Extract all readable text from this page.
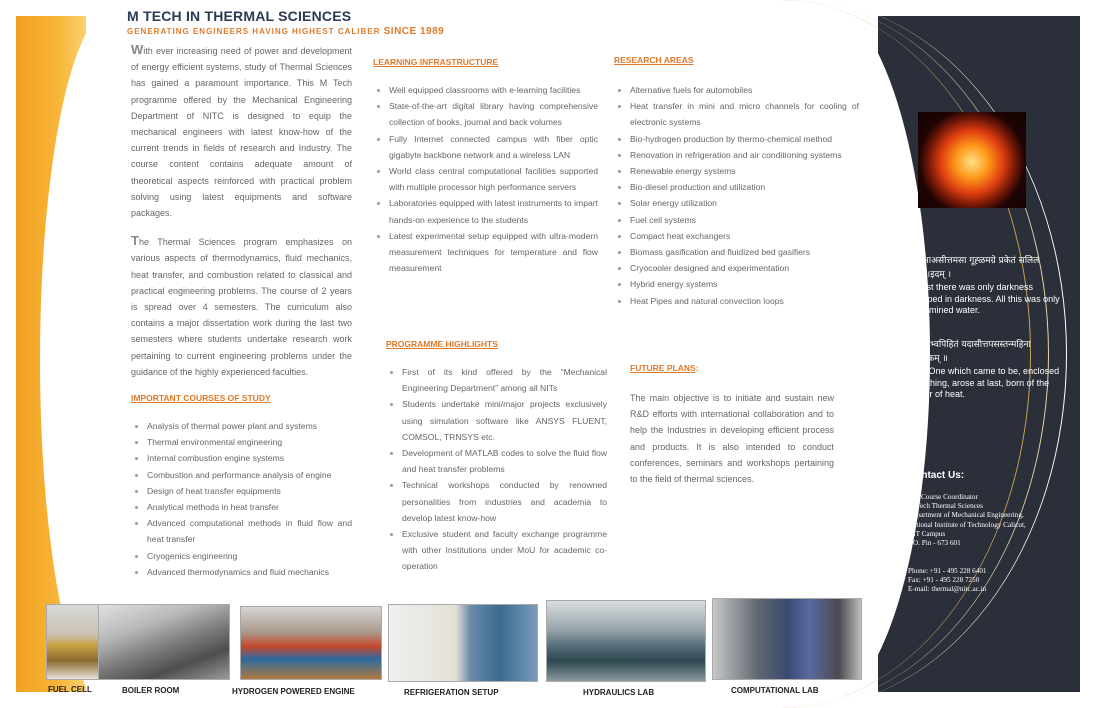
M TECH IN THERMAL SCIENCES
GENERATING ENGINEERS HAVING HIGHEST CALIBER SINCE 1989

With ever increasing need of power and development of energy efficient systems, study of Thermal Sciences has gained a paramount importance. This M Tech programme offered by the Mechanical Engineering Department of NITC is designed to equip the mechanical engineers with latest know-how of the current trends in fields of research and Industry. The course content contains adequate amount of theoretical aspects reinforced with practical problem solving using latest equipments and software packages.

The Thermal Sciences program emphasizes on various aspects of thermodynamics, fluid mechanics, heat transfer, and combustion related to classical and practical engineering problems. The course of 2 years is spread over 4 semesters. The curriculum also contains a major dissertation work during the last two semesters where students undertake research work pertaining to current engineering problems under the guidance of the highly experienced faculties.

IMPORTANT COURSES OF STUDY

• Analysis of thermal power plant and systems
• Thermal environmental engineering
• Internal combustion engine systems
• Combustion and performance analysis of engine
• Design of heat transfer equipments
• Analytical methods in heat transfer
• Advanced computational methods in fluid flow and heat transfer
• Cryogenics engineering
• Advanced thermodynamics and fluid mechanics

LEARNING INFRASTRUCTURE

• Well equipped classrooms with e-learning facilities
• State-of-the-art digital library having comprehensive collection of books, journal and back volumes
• Fully Internet connected campus with fiber optic gigabyte backbone network and a wireless LAN
• World class central computational facilities supported with multiple processor high performance servers
• Laboratories equipped with latest instruments to impart hands-on experience to the students
• Latest experimental setup equipped with ultra-modern measurement techniques for temperature and flow measurement

PROGRAMME HIGHLIGHTS

• First of its kind offered by the “Mechanical Engineering Department” among all NITs
• Students undertake mini/major projects exclusively using simulation software like ANSYS FLUENT, COMSOL, TRNSYS etc.
• Development of MATLAB codes to solve the fluid flow and heat transfer problems
• Technical workshops conducted by renowned personalities from industries and academia to develop latest know-how
• Exclusive student and faculty exchange programme with other Institutions under MoU for academic co-operation

RESEARCH AREAS

• Alternative fuels for automobiles
• Heat transfer in mini and micro channels for cooling of electronic systems
• Bio-hydrogen production by thermo-chemical method
• Renovation in refrigeration and air conditioning systems
• Renewable energy systems
• Bio-diesel production and utilization
• Solar energy utilization
• Fuel cell systems
• Compact heat exchangers
• Biomass gasification and fluidized bed gasifiers
• Cryocooler designed and experimentation
• Hybrid energy systems
• Heat Pipes and natural convection loops

FUTURE PLANS:

The main objective is to initiate and sustain new R&D efforts with international collaboration and to help the Industries in developing efficient process and products. It is also intended to conduct conferences, seminars and workshops pertaining to the field of thermal sciences.

तम।आअसीत्तमसा गूह्ळमग्रे प्रकेतं सलिलं सर्वमा।इदम् ।
At first there was only darkness wrapped in darkness. All this was only unillumined water.
तुच्छेनाभ्वपिहितं यदासीत्तपसस्तन्महिना जायतैकम् ॥
That One which came to be, enclosed in nothing, arose at last, born of the power of heat.
Contact Us:
The Course Coordinator
M Tech Thermal Sciences
Department of Mechanical Engineering,
National Institute of Technology Calicut,
NIT Campus
P.O. Pin - 673 601
Phone: +91 - 495 228 6401
Fax: +91 - 495 228 7250
E-mail: thermal@nitc.ac.in
FUEL CELL	BOILER ROOM	HYDROGEN POWERED ENGINE	REFRIGERATION SETUP	HYDRAULICS LAB	COMPUTATIONAL LAB
